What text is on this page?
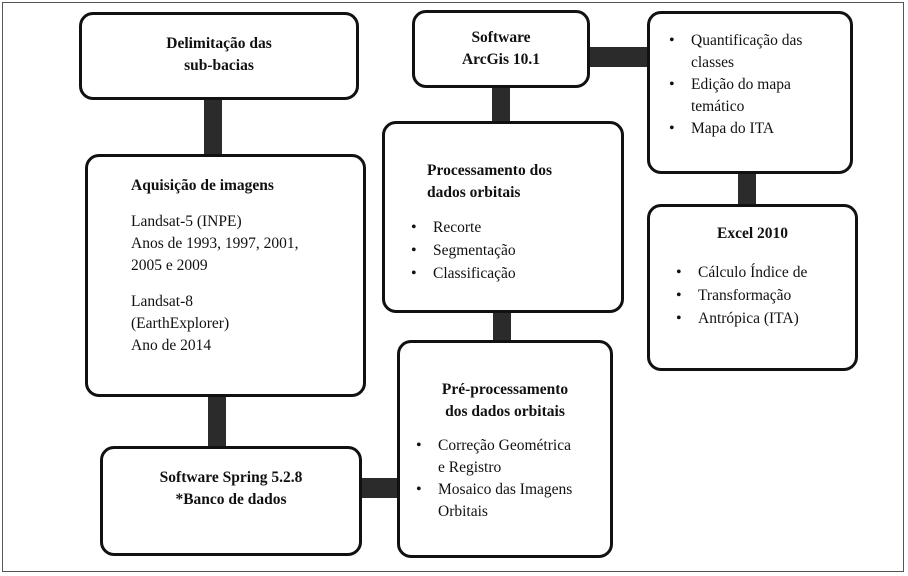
Delimitação das
sub-bacias
Aquisição de imagens
Landsat-5 (INPE)
Anos de 1993, 1997, 2001,
2005 e 2009
Landsat-8
(EarthExplorer)
Ano de 2014
Software Spring 5.2.8
*Banco de dados
Software
ArcGis 10.1
• Quantificação das
classes
• Edição do mapa
temático
• Mapa do ITA
Processamento dos
dados orbitais
• Recorte
• Segmentação
• Classificação
Pré-processamento
dos dados orbitais
• Correção Geométrica
e Registro
• Mosaico das Imagens
Orbitais
Excel 2010
• Cálculo Índice de
• Transformação
• Antrópica (ITA)
